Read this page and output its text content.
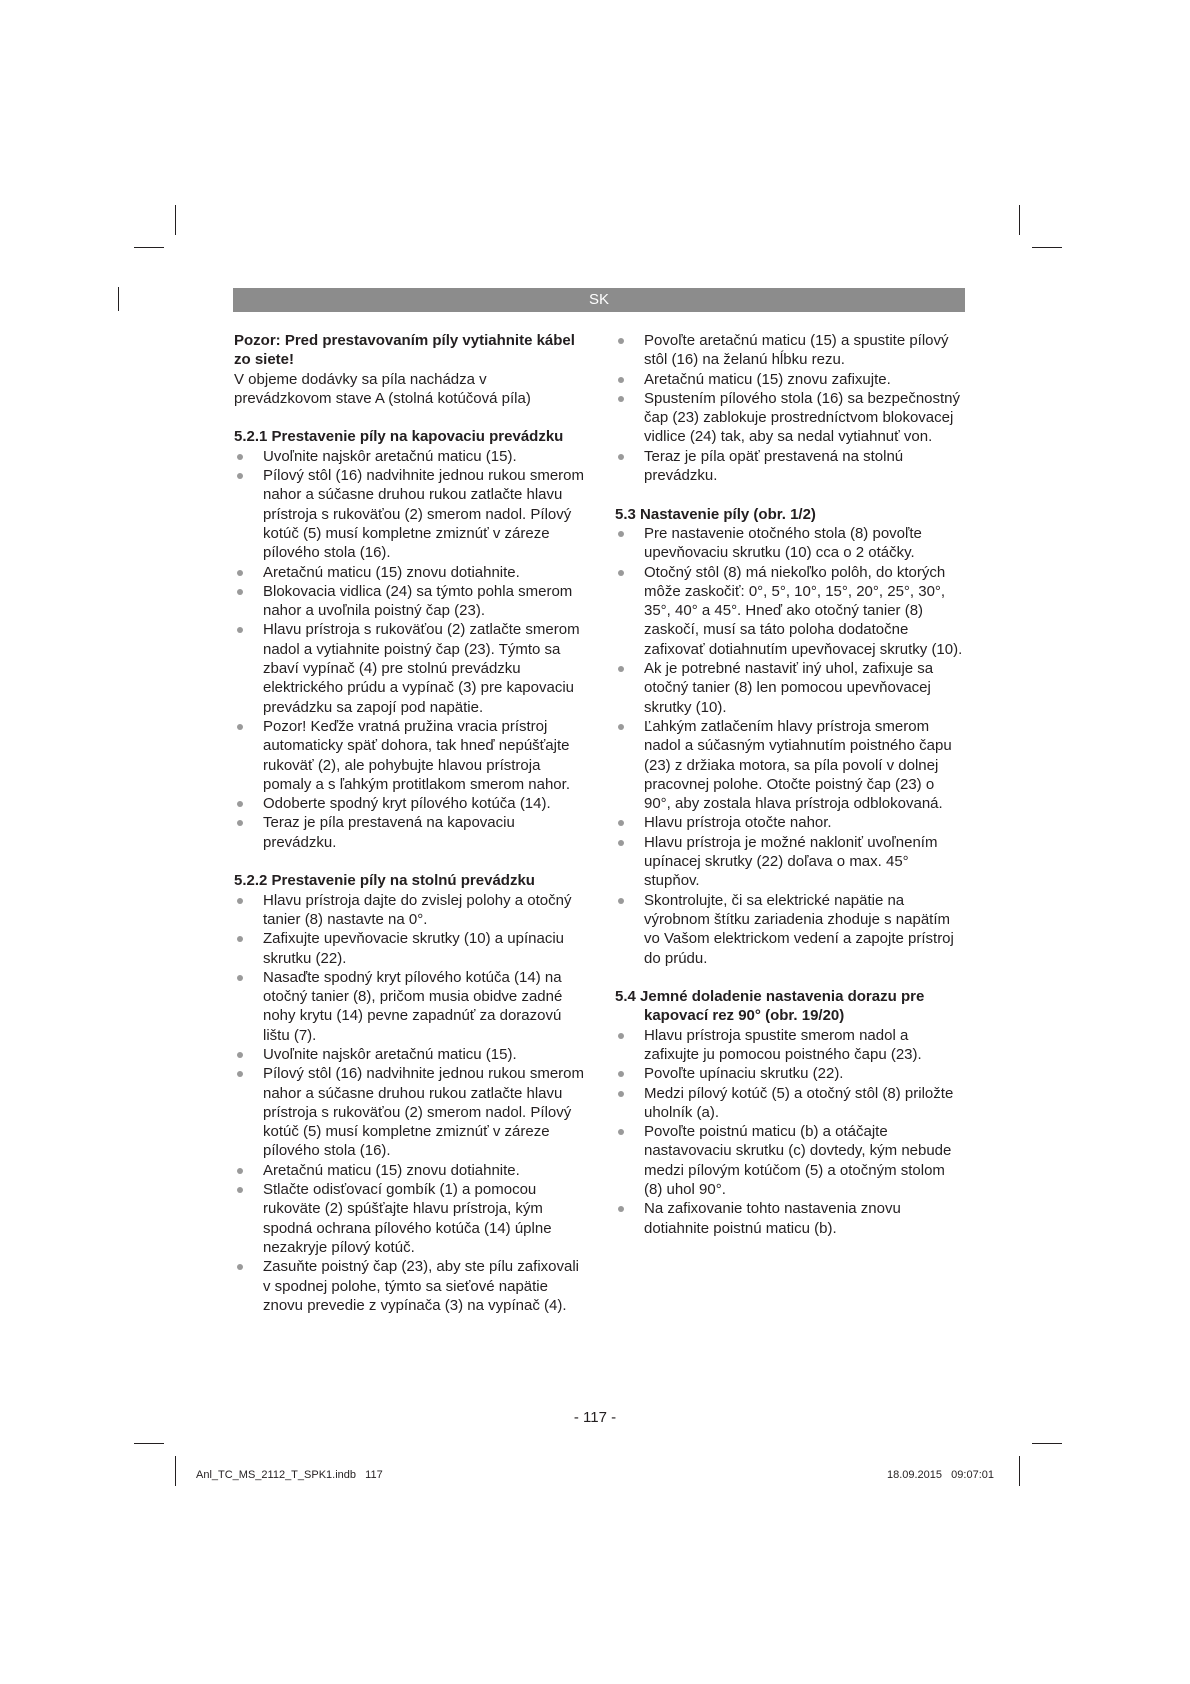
SK

Pozor: Pred prestavovaním píly vytiahnite kábel zo siete!

V objeme dodávky sa píla nachádza v prevádzkovom stave A (stolná kotúčová píla)

5.2.1 Prestavenie píly na kapovaciu prevádzku
Uvoľnite najskôr aretačnú maticu (15).
Pílový stôl (16) nadvihnite jednou rukou smerom nahor a súčasne druhou rukou zatlačte hlavu prístroja s rukoväťou (2) smerom nadol. Pílový kotúč (5) musí kompletne zmiznúť v záreze pílového stola (16).
Aretačnú maticu (15) znovu dotiahnite.
Blokovacia vidlica (24) sa týmto pohla smerom nahor a uvoľnila poistný čap (23).
Hlavu prístroja s rukoväťou (2) zatlačte smerom nadol a vytiahnite poistný čap (23). Týmto sa zbaví vypínač (4) pre stolnú prevádzku elektrického prúdu a vypínač (3) pre kapovaciu prevádzku sa zapojí pod napätie.
Pozor! Keďže vratná pružina vracia prístroj automaticky späť dohora, tak hneď nepúšťajte rukoväť (2), ale pohybujte hlavou prístroja pomaly a s ľahkým protitlakom smerom nahor.
Odoberte spodný kryt pílového kotúča (14).
Teraz je píla prestavená na kapovaciu prevádzku.
5.2.2 Prestavenie píly na stolnú prevádzku
Hlavu prístroja dajte do zvislej polohy a otočný tanier (8) nastavte na 0°.
Zafixujte upevňovacie skrutky (10) a upínaciu skrutku (22).
Nasaďte spodný kryt pílového kotúča (14) na otočný tanier (8), pričom musia obidve zadné nohy krytu (14) pevne zapadnúť za dorazovú lištu (7).
Uvoľnite najskôr aretačnú maticu (15).
Pílový stôl (16) nadvihnite jednou rukou smerom nahor a súčasne druhou rukou zatlačte hlavu prístroja s rukoväťou (2) smerom nadol. Pílový kotúč (5) musí kompletne zmiznúť v záreze pílového stola (16).
Aretačnú maticu (15) znovu dotiahnite.
Stlačte odisťovací gombík (1) a pomocou rukoväte (2) spúšťajte hlavu prístroja, kým spodná ochrana pílového kotúča (14) úplne nezakryje pílový kotúč.
Zasuňte poistný čap (23), aby ste pílu zafixovali v spodnej polohe, týmto sa sieťové napätie znovu prevedie z vypínača (3) na vypínač (4).
Povoľte aretačnú maticu (15) a spustite pílový stôl (16) na želanú hĺbku rezu.
Aretačnú maticu (15) znovu zafixujte.
Spustením pílového stola (16) sa bezpečnostný čap (23) zablokuje prostredníctvom blokovacej vidlice (24) tak, aby sa nedal vytiahnuť von.
Teraz je píla opäť prestavená na stolnú prevádzku.
5.3 Nastavenie píly (obr. 1/2)
Pre nastavenie otočného stola (8) povoľte upevňovaciu skrutku (10) cca o 2 otáčky.
Otočný stôl (8) má niekoľko polôh, do ktorých môže zaskočiť: 0°, 5°, 10°, 15°, 20°, 25°, 30°, 35°, 40° a 45°. Hneď ako otočný tanier (8) zaskočí, musí sa táto poloha dodatočne zafixovať dotiahnutím upevňovacej skrutky (10).
Ak je potrebné nastaviť iný uhol, zafixuje sa otočný tanier (8) len pomocou upevňovacej skrutky (10).
Ľahkým zatlačením hlavy prístroja smerom nadol a súčasným vytiahnutím poistného čapu (23) z držiaka motora, sa píla povolí v dolnej pracovnej polohe. Otočte poistný čap (23) o 90°, aby zostala hlava prístroja odblokovaná.
Hlavu prístroja otočte nahor.
Hlavu prístroja je možné nakloniť uvoľnením upínacej skrutky (22) doľava o max. 45° stupňov.
Skontrolujte, či sa elektrické napätie na výrobnom štítku zariadenia zhoduje s napätím vo Vašom elektrickom vedení a zapojte prístroj do prúdu.
5.4 Jemné doladenie nastavenia dorazu pre kapovací rez 90° (obr. 19/20)
Hlavu prístroja spustite smerom nadol a zafixujte ju pomocou poistného čapu (23).
Povoľte upínaciu skrutku (22).
Medzi pílový kotúč (5) a otočný stôl (8) priložte uholník (a).
Povoľte poistnú maticu (b) a otáčajte nastavovaciu skrutku (c) dovtedy, kým nebude medzi pílovým kotúčom (5) a otočným stolom (8) uhol 90°.
Na zafixovanie tohto nastavenia znovu dotiahnite poistnú maticu (b).
- 117 -
Anl_TC_MS_2112_T_SPK1.indb   117	18.09.2015   09:07:01
